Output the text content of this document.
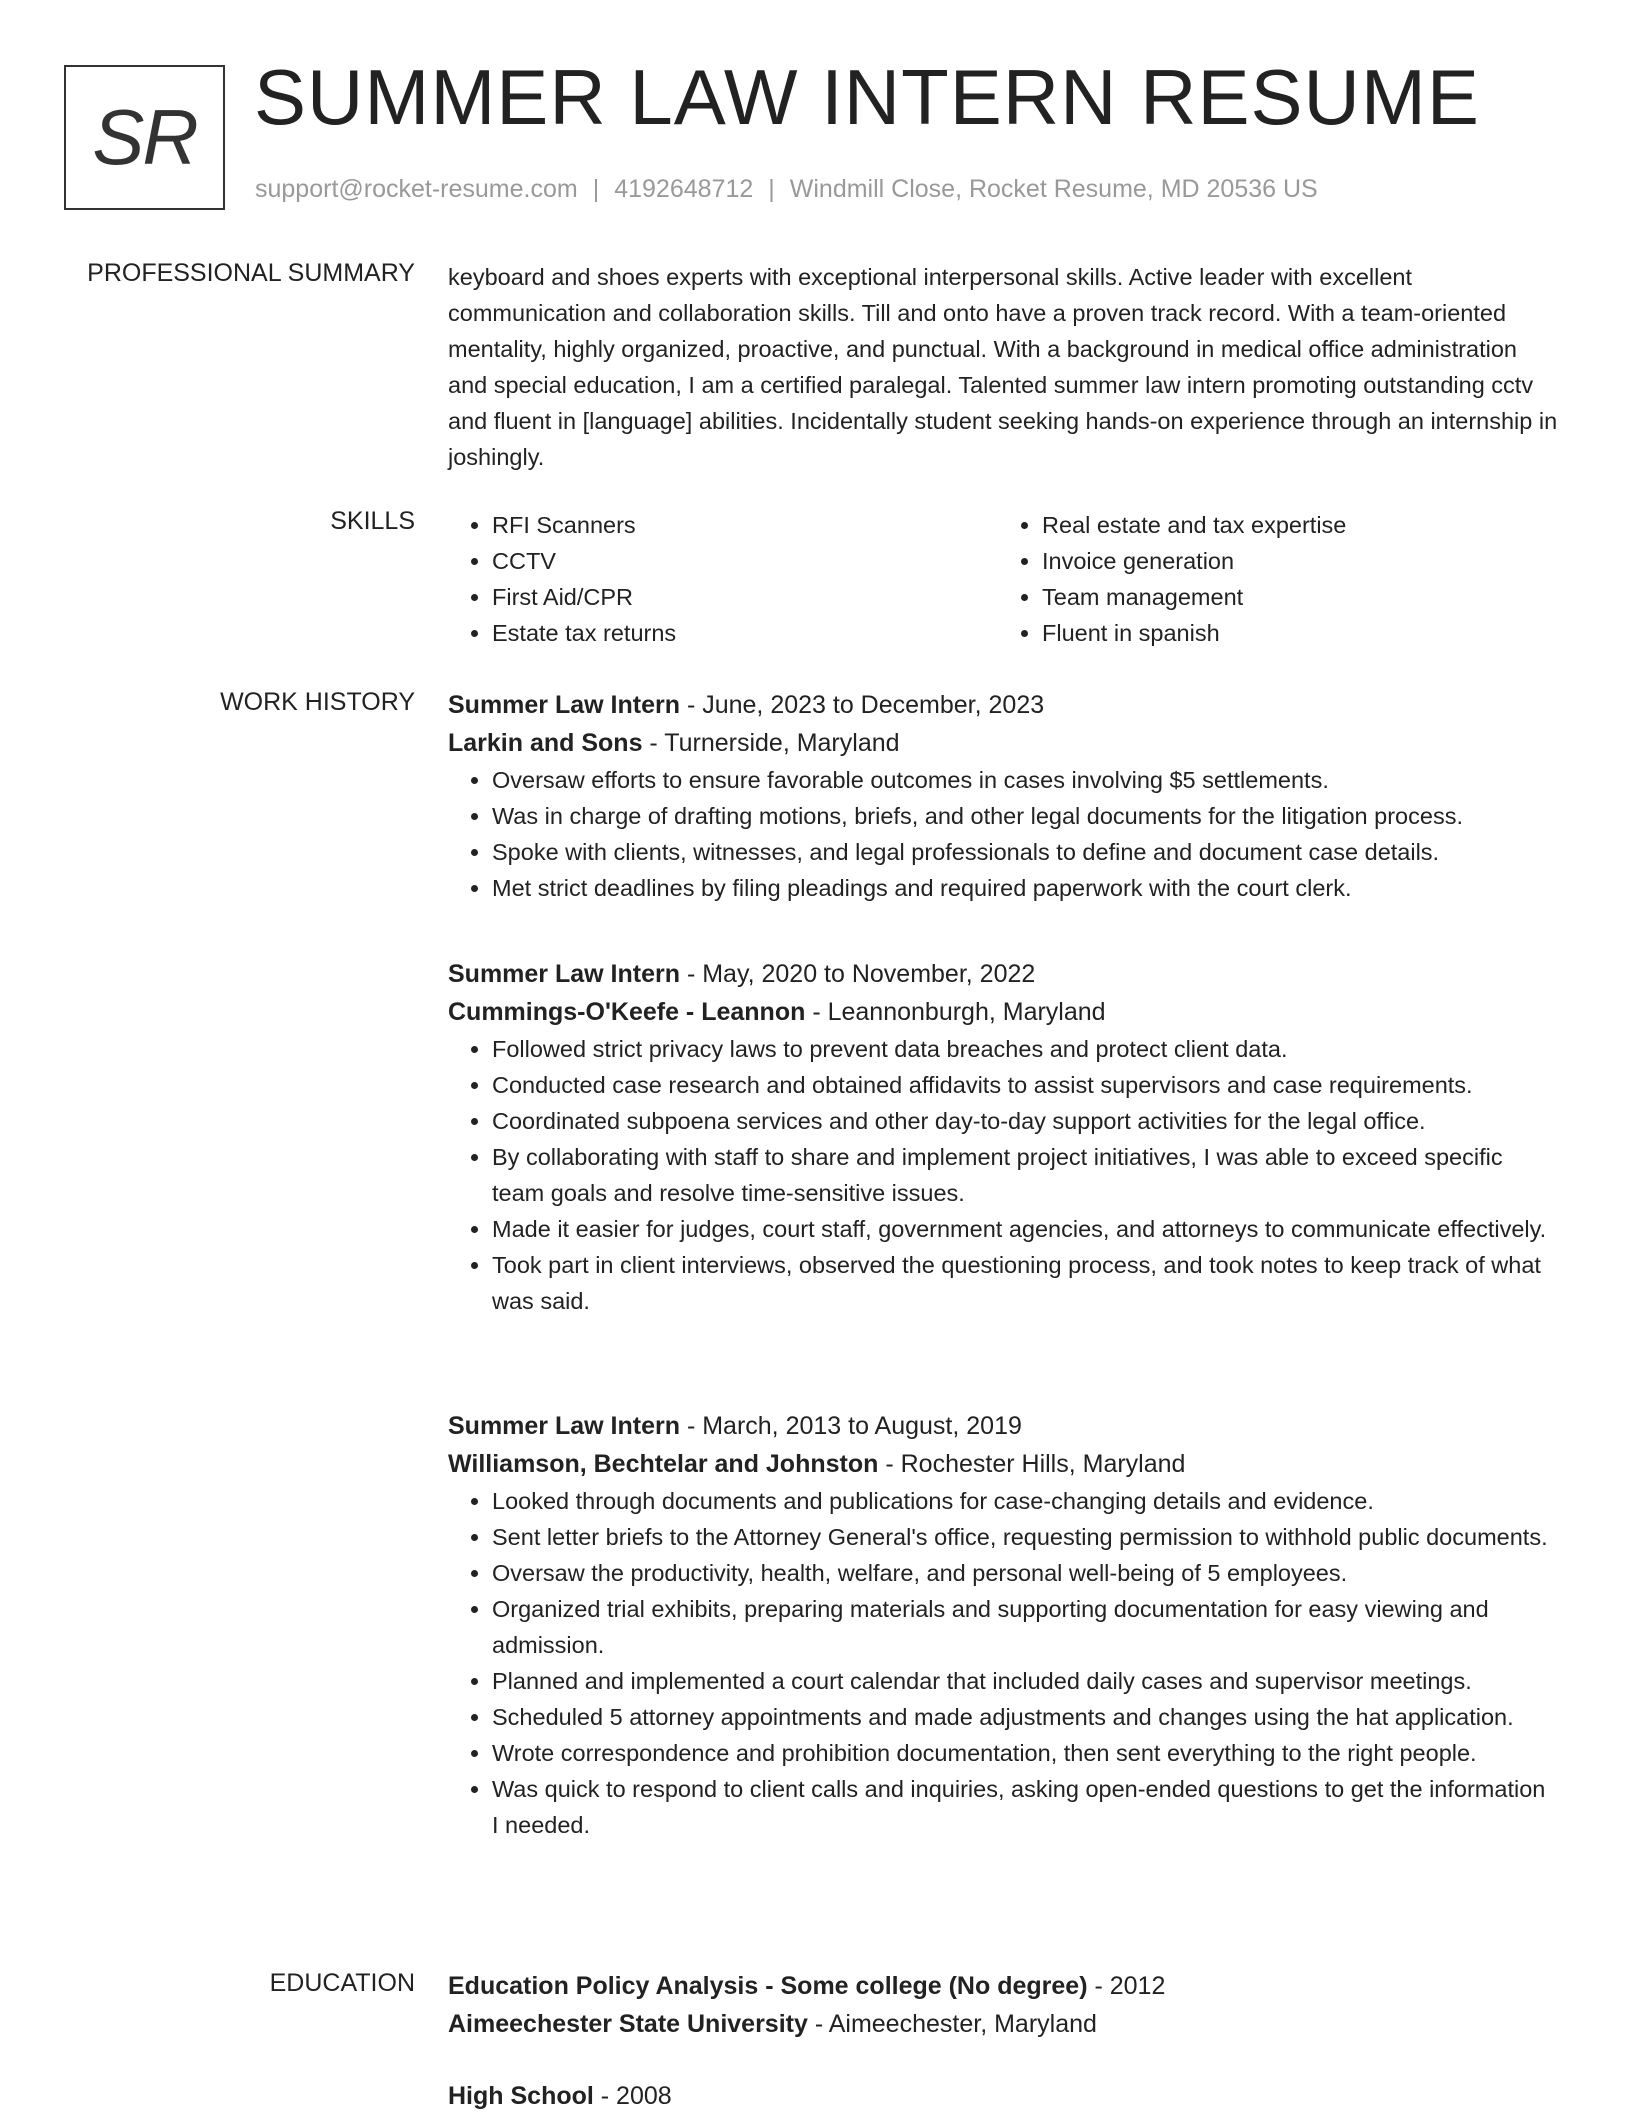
SR SUMMER LAW INTERN RESUME
support@rocket-resume.com | 4192648712 | Windmill Close, Rocket Resume, MD 20536 US
PROFESSIONAL SUMMARY keyboard and shoes experts with exceptional interpersonal skills. Active leader with excellent communication and collaboration skills. Till and onto have a proven track record. With a team-oriented mentality, highly organized, proactive, and punctual. With a background in medical office administration and special education, I am a certified paralegal. Talented summer law intern promoting outstanding cctv and fluent in [language] abilities. Incidentally student seeking hands-on experience through an internship in joshingly.

SKILLS
•	RFI Scanners
• CCTV
• First Aid/CPR
• Estate tax returns
• Real estate and tax expertise
• Invoice generation
• Team management
• Fluent in spanish
WORK HISTORY Summer Law Intern - June, 2023 to December, 2023
Larkin and Sons - Turnerside, Maryland
• Oversaw efforts to ensure favorable outcomes in cases involving $5 settlements.
• Was in charge of drafting motions, briefs, and other legal documents for the litigation process.
• Spoke with clients, witnesses, and legal professionals to define and document case details.
• Met strict deadlines by filing pleadings and required paperwork with the court clerk.
Summer Law Intern - May, 2020 to November, 2022
Cummings-O'Keefe - Leannon - Leannonburgh, Maryland
• Followed strict privacy laws to prevent data breaches and protect client data.
• Conducted case research and obtained affidavits to assist supervisors and case requirements.
• Coordinated subpoena services and other day-to-day support activities for the legal office.
• By collaborating with staff to share and implement project initiatives, I was able to exceed specific team goals and resolve time-sensitive issues.
• Made it easier for judges, court staff, government agencies, and attorneys to communicate effectively.
• Took part in client interviews, observed the questioning process, and took notes to keep track of what was said.
Summer Law Intern - March, 2013 to August, 2019
Williamson, Bechtelar and Johnston - Rochester Hills, Maryland
• Looked through documents and publications for case-changing details and evidence.
• Sent letter briefs to the Attorney General's office, requesting permission to withhold public documents.
• Oversaw the productivity, health, welfare, and personal well-being of 5 employees.
• Organized trial exhibits, preparing materials and supporting documentation for easy viewing and admission.
• Planned and implemented a court calendar that included daily cases and supervisor meetings.
• Scheduled 5 attorney appointments and made adjustments and changes using the hat application.
• Wrote correspondence and prohibition documentation, then sent everything to the right people.
• Was quick to respond to client calls and inquiries, asking open-ended questions to get the information I needed.
EDUCATION Education Policy Analysis - Some college (No degree) - 2012
Aimeechester State University - Aimeechester, Maryland
High School - 2008
